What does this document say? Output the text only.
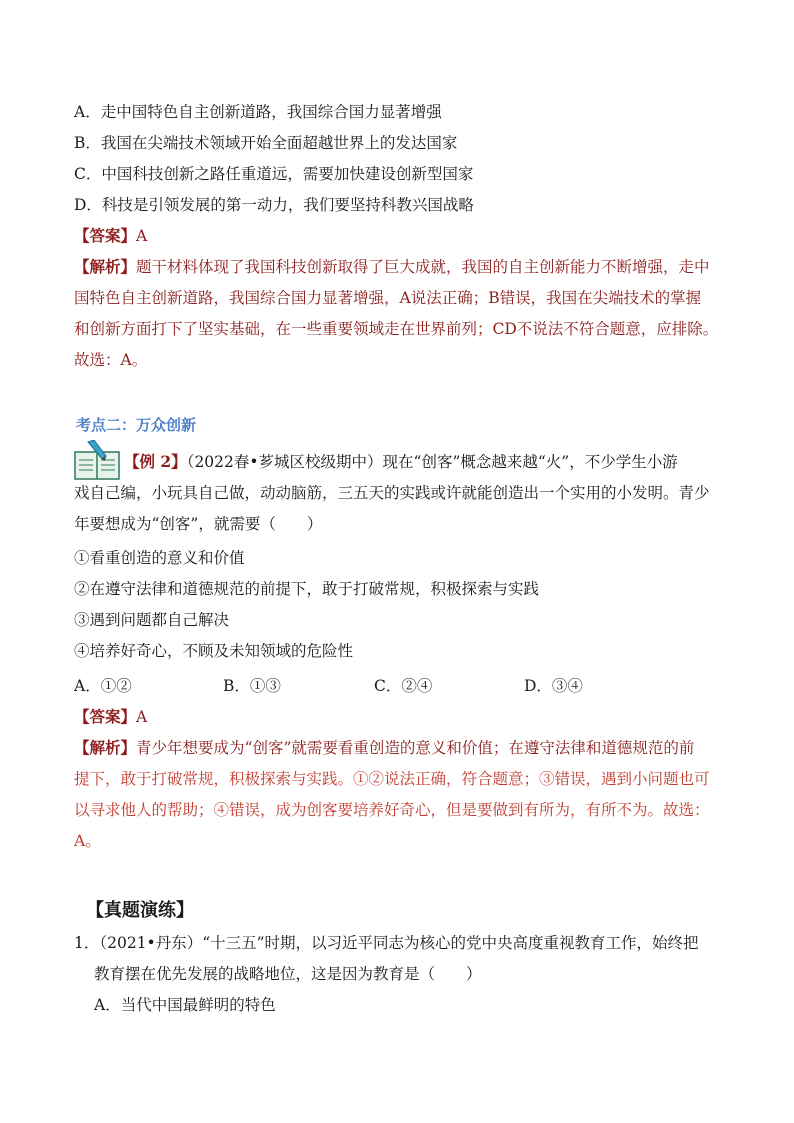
A．走中国特色自主创新道路，我国综合国力显著增强
B．我国在尖端技术领域开始全面超越世界上的发达国家
C．中国科技创新之路任重道远，需要加快建设创新型国家
D．科技是引领发展的第一动力，我们要坚持科教兴国战略
【答案】A
【解析】题干材料体现了我国科技创新取得了巨大成就，我国的自主创新能力不断增强，走中
国特色自主创新道路，我国综合国力显著增强，A说法正确；B错误，我国在尖端技术的掌握
和创新方面打下了坚实基础，在一些重要领域走在世界前列；CD不说法不符合题意，应排除。
故选：A。
考点二：万众创新
【例 2】（2022春•芗城区校级期中）现在“创客”概念越来越“火”，不少学生小游
戏自己编，小玩具自己做，动动脑筋，三五天的实践或许就能创造出一个实用的小发明。青少
年要想成为“创客”，就需要（　　）
①看重创造的意义和价值
②在遵守法律和道德规范的前提下，敢于打破常规，积极探索与实践
③遇到问题都自己解决
④培养好奇心，不顾及未知领域的危险性
A．①②	B．①③	C．②④	D．③④
【答案】A
【解析】青少年想要成为“创客”就需要看重创造的意义和价值；在遵守法律和道德规范的前
提下，敢于打破常规，积极探索与实践。①②说法正确，符合题意；③错误，遇到小问题也可
以寻求他人的帮助；④错误，成为创客要培养好奇心，但是要做到有所为，有所不为。故选：
A。
【真题演练】
1．（2021•丹东）“十三五”时期，以习近平同志为核心的党中央高度重视教育工作，始终把
教育摆在优先发展的战略地位，这是因为教育是（　　）
A．当代中国最鲜明的特色
